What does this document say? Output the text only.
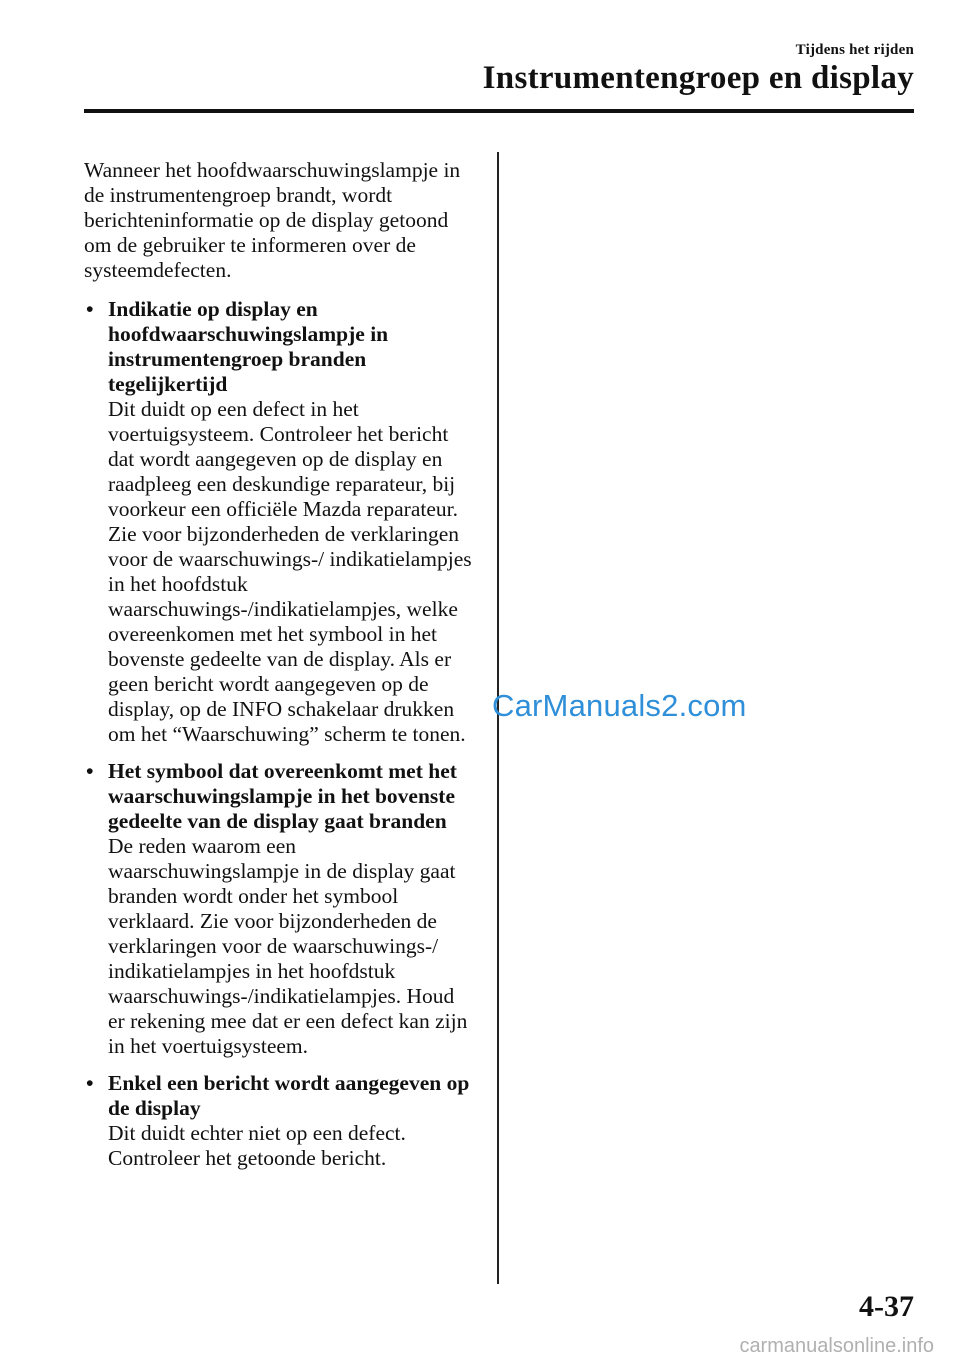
Tijdens het rijden
Instrumentengroep en display

Wanneer het hoofdwaarschuwingslampje in de instrumentengroep brandt, wordt berichteninformatie op de display getoond om de gebruiker te informeren over de systeemdefecten.

• Indikatie op display en hoofdwaarschuwingslampje in instrumentengroep branden tegelijkertijd
Dit duidt op een defect in het voertuigsysteem. Controleer het bericht dat wordt aangegeven op de display en raadpleeg een deskundige reparateur, bij voorkeur een officiële Mazda reparateur. Zie voor bijzonderheden de verklaringen voor de waarschuwings-/ indikatielampjes in het hoofdstuk waarschuwings-/indikatielampjes, welke overeenkomen met het symbool in het bovenste gedeelte van de display. Als er geen bericht wordt aangegeven op de display, op de INFO schakelaar drukken om het “Waarschuwing” scherm te tonen.
• Het symbool dat overeenkomt met het waarschuwingslampje in het bovenste gedeelte van de display gaat branden
De reden waarom een waarschuwingslampje in de display gaat branden wordt onder het symbool verklaard. Zie voor bijzonderheden de verklaringen voor de waarschuwings-/ indikatielampjes in het hoofdstuk waarschuwings-/indikatielampjes. Houd er rekening mee dat er een defect kan zijn in het voertuigsysteem.
• Enkel een bericht wordt aangegeven op de display
Dit duidt echter niet op een defect. Controleer het getoonde bericht.
CarManuals2.com
4-37
carmanualsonline.info
